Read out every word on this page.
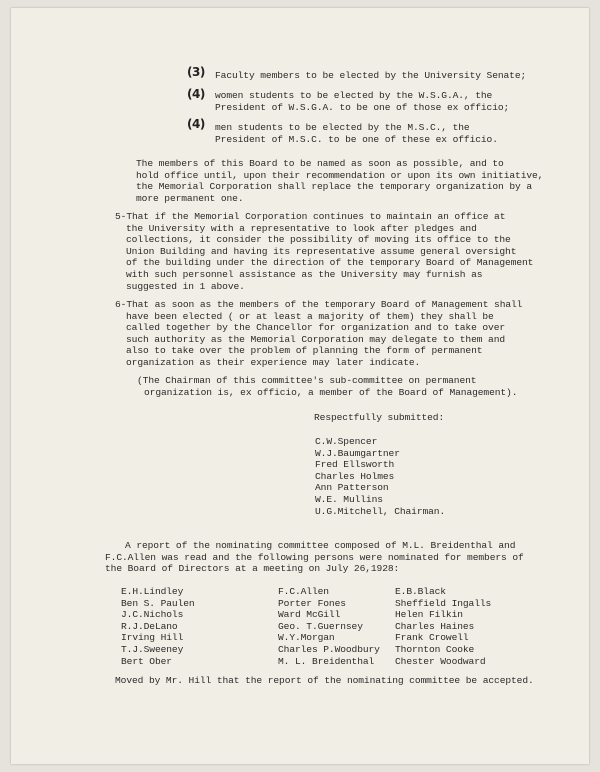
(3) Faculty members to be elected by the University Senate;
(4) women students to be elected by the W.S.G.A., the
President of W.S.G.A. to be one of those ex officio;
(4) men students to be elected by the M.S.C., the
President of M.S.C. to be one of these ex officio.
The members of this Board to be named as soon as possible, and to
hold office until, upon their recommendation or upon its own initiative,
the Memorial Corporation shall replace the temporary organization by a
more permanent one.
5-That if the Memorial Corporation continues to maintain an office at
the University with a representative to look after pledges and
collections, it consider the possibility of moving its office to the
Union Building and having its representative assume general oversight
of the building under the direction of the temporary Board of Management
with such personnel assistance as the University may furnish as
suggested in 1 above.
6-That as soon as the members of the temporary Board of Management shall
have been elected ( or at least a majority of them) they shall be
called together by the Chancellor for organization and to take over
such authority as the Memorial Corporation may delegate to them and
also to take over the problem of planning the form of permanent
organization as their experience may later indicate.
(The Chairman of this committee's sub-committee on permanent
organization is, ex officio, a member of the Board of Management).
Respectfully submitted:
C.W.Spencer
W.J.Baumgartner
Fred Ellsworth
Charles Holmes
Ann Patterson
W.E. Mullins
U.G.Mitchell, Chairman.
A report of the nominating committee composed of M.L. Breidenthal and
F.C.Allen was read and the following persons were nominated for members of
the Board of Directors at a meeting on July 26,1928:
E.H.Lindley
Ben S. Paulen
J.C.Nichols
R.J.DeLano
Irving Hill
T.J.Sweeney
Bert Ober
F.C.Allen
Porter Fones
Ward McGill
Geo. T.Guernsey
W.Y.Morgan
Charles P.Woodbury
M. L. Breidenthal
E.B.Black
Sheffield Ingalls
Helen Filkin
Charles Haines
Frank Crowell
Thornton Cooke
Chester Woodward
Moved by Mr. Hill that the report of the nominating committee be accepted.
